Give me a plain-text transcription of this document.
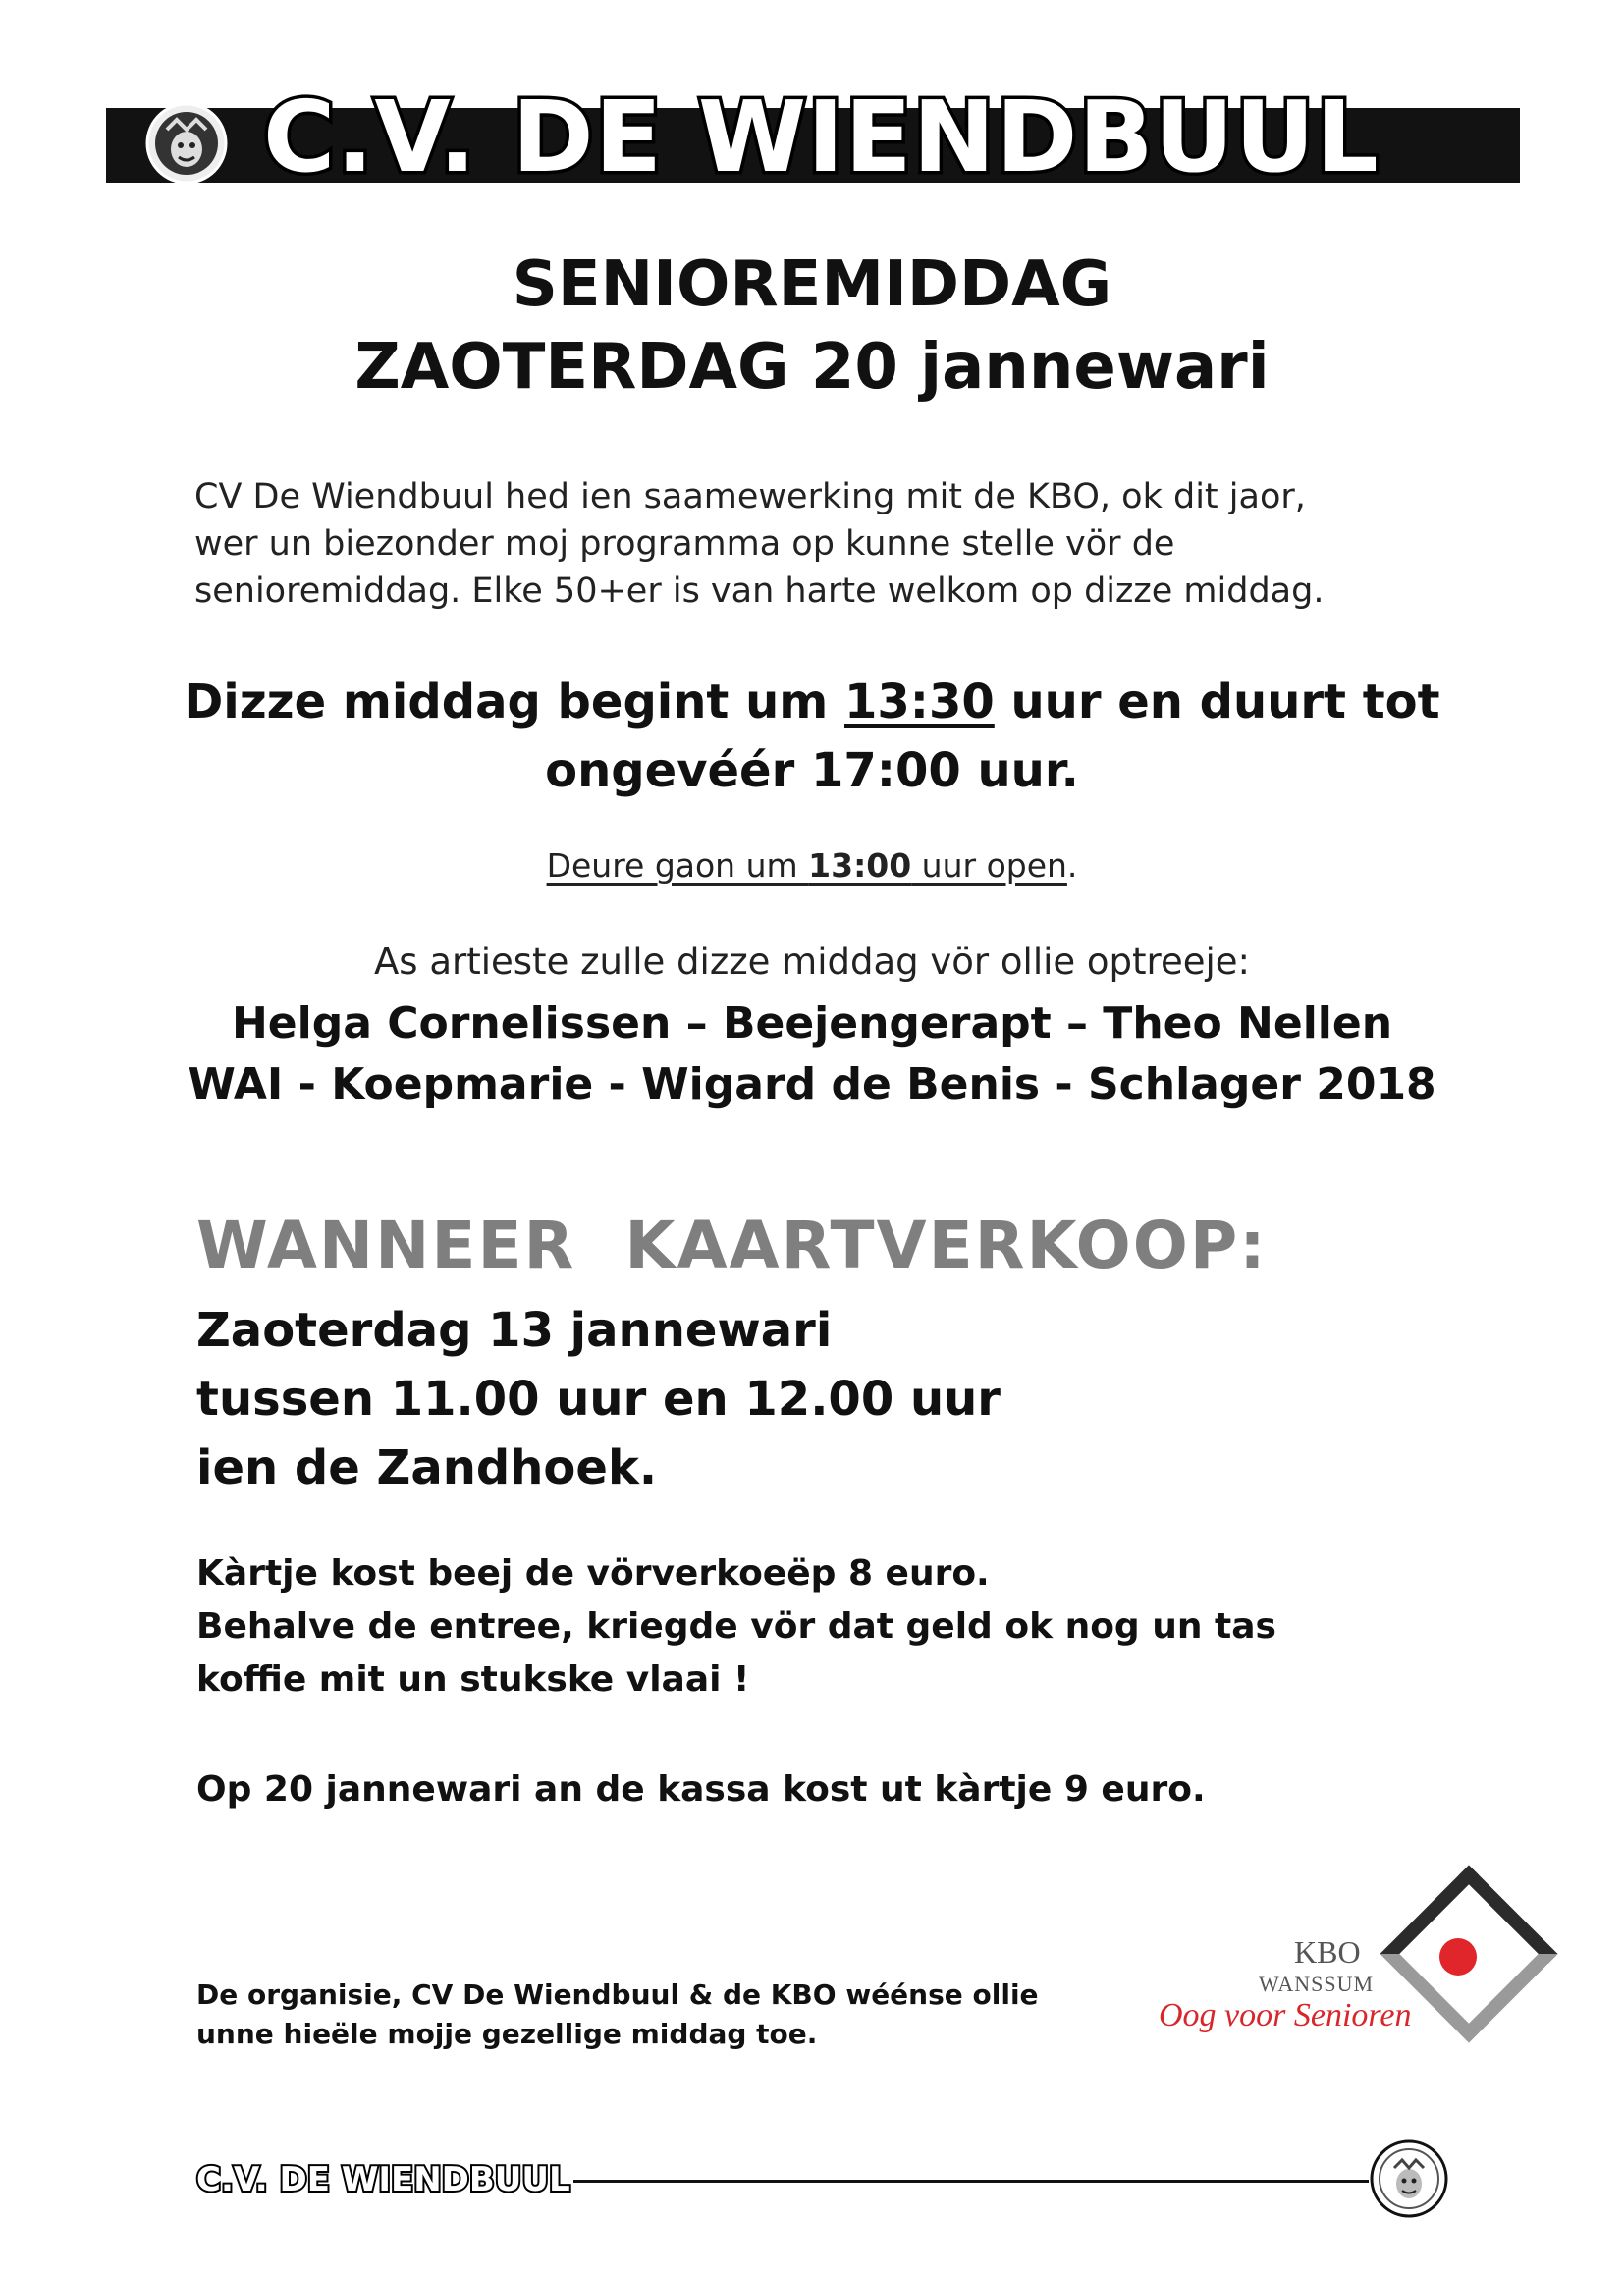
C.V. DE WIENDBUUL
SENIOREMIDDAG
ZAOTERDAG 20 jannewari
CV De Wiendbuul hed ien saamewerking mit de KBO, ok dit jaor,
wer un biezonder moj programma op kunne stelle vör de
senioremiddag. Elke 50+er is van harte welkom op dizze middag.
Dizze middag begint um 13:30 uur en duurt tot
ongevéér 17:00 uur.
Deure gaon um 13:00 uur open.
As artieste zulle dizze middag vör ollie optreeje:
Helga Cornelissen – Beejengerapt – Theo Nellen
WAI - Koepmarie - Wigard de Benis - Schlager 2018
WANNEER  KAARTVERKOOP:
Zaoterdag 13 jannewari
tussen 11.00 uur en 12.00 uur
ien de Zandhoek.
Kàrtje kost beej de vörverkoeëp 8 euro.
Behalve de entree, kriegde vör dat geld ok nog un tas
koffie mit un stukske vlaai !
Op 20 jannewari an de kassa kost ut kàrtje 9 euro.
De organisie, CV De Wiendbuul & de KBO wéénse ollie
unne hieële mojje gezellige middag toe.
KBO
WANSSUM
Oog voor Senioren
C.V. DE WIENDBUUL
